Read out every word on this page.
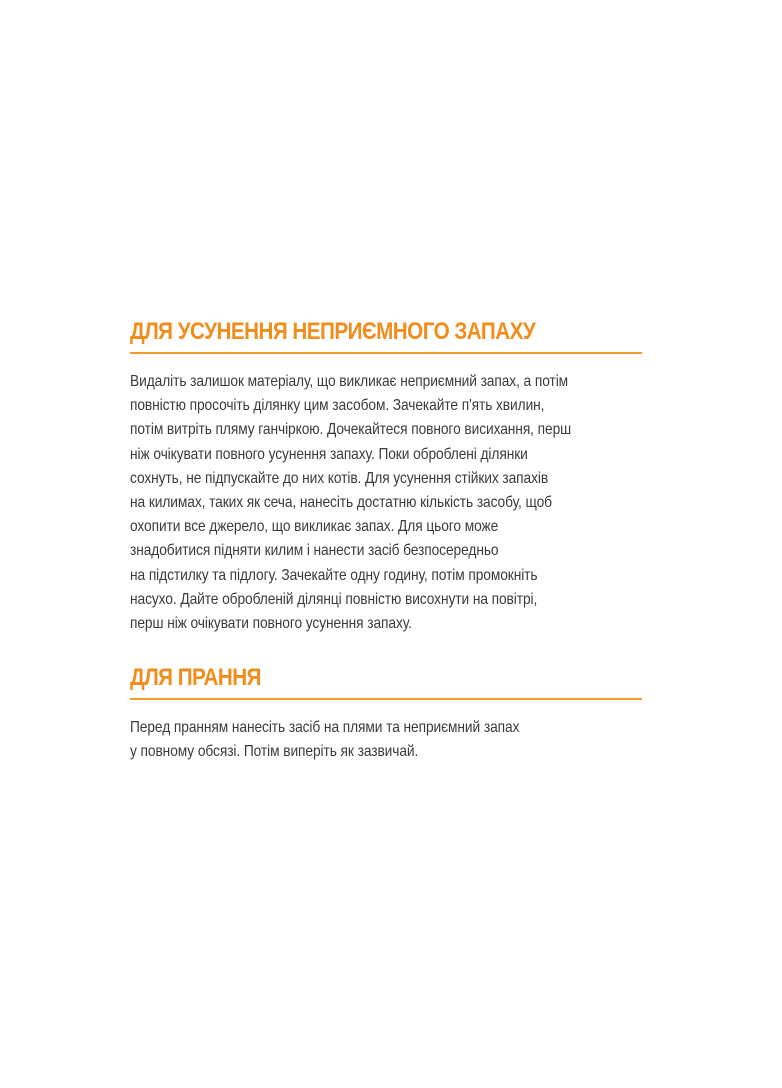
ДЛЯ УСУНЕННЯ НЕПРИЄМНОГО ЗАПАХУ
Видаліть залишок матеріалу, що викликає неприємний запах, а потім
повністю просочіть ділянку цим засобом. Зачекайте п'ять хвилин,
потім витріть пляму ганчіркою. Дочекайтеся повного висихання, перш
ніж очікувати повного усунення запаху. Поки оброблені ділянки
сохнуть, не підпускайте до них котів. Для усунення стійких запахів
на килимах, таких як сеча, нанесіть достатню кількість засобу, щоб
охопити все джерело, що викликає запах. Для цього може
знадобитися підняти килим і нанести засіб безпосередньо
на підстилку та підлогу. Зачекайте одну годину, потім промокніть
насухо. Дайте обробленій ділянці повністю висохнути на повітрі,
перш ніж очікувати повного усунення запаху.
ДЛЯ ПРАННЯ
Перед пранням нанесіть засіб на плями та неприємний запах
у повному обсязі. Потім виперіть як зазвичай.
